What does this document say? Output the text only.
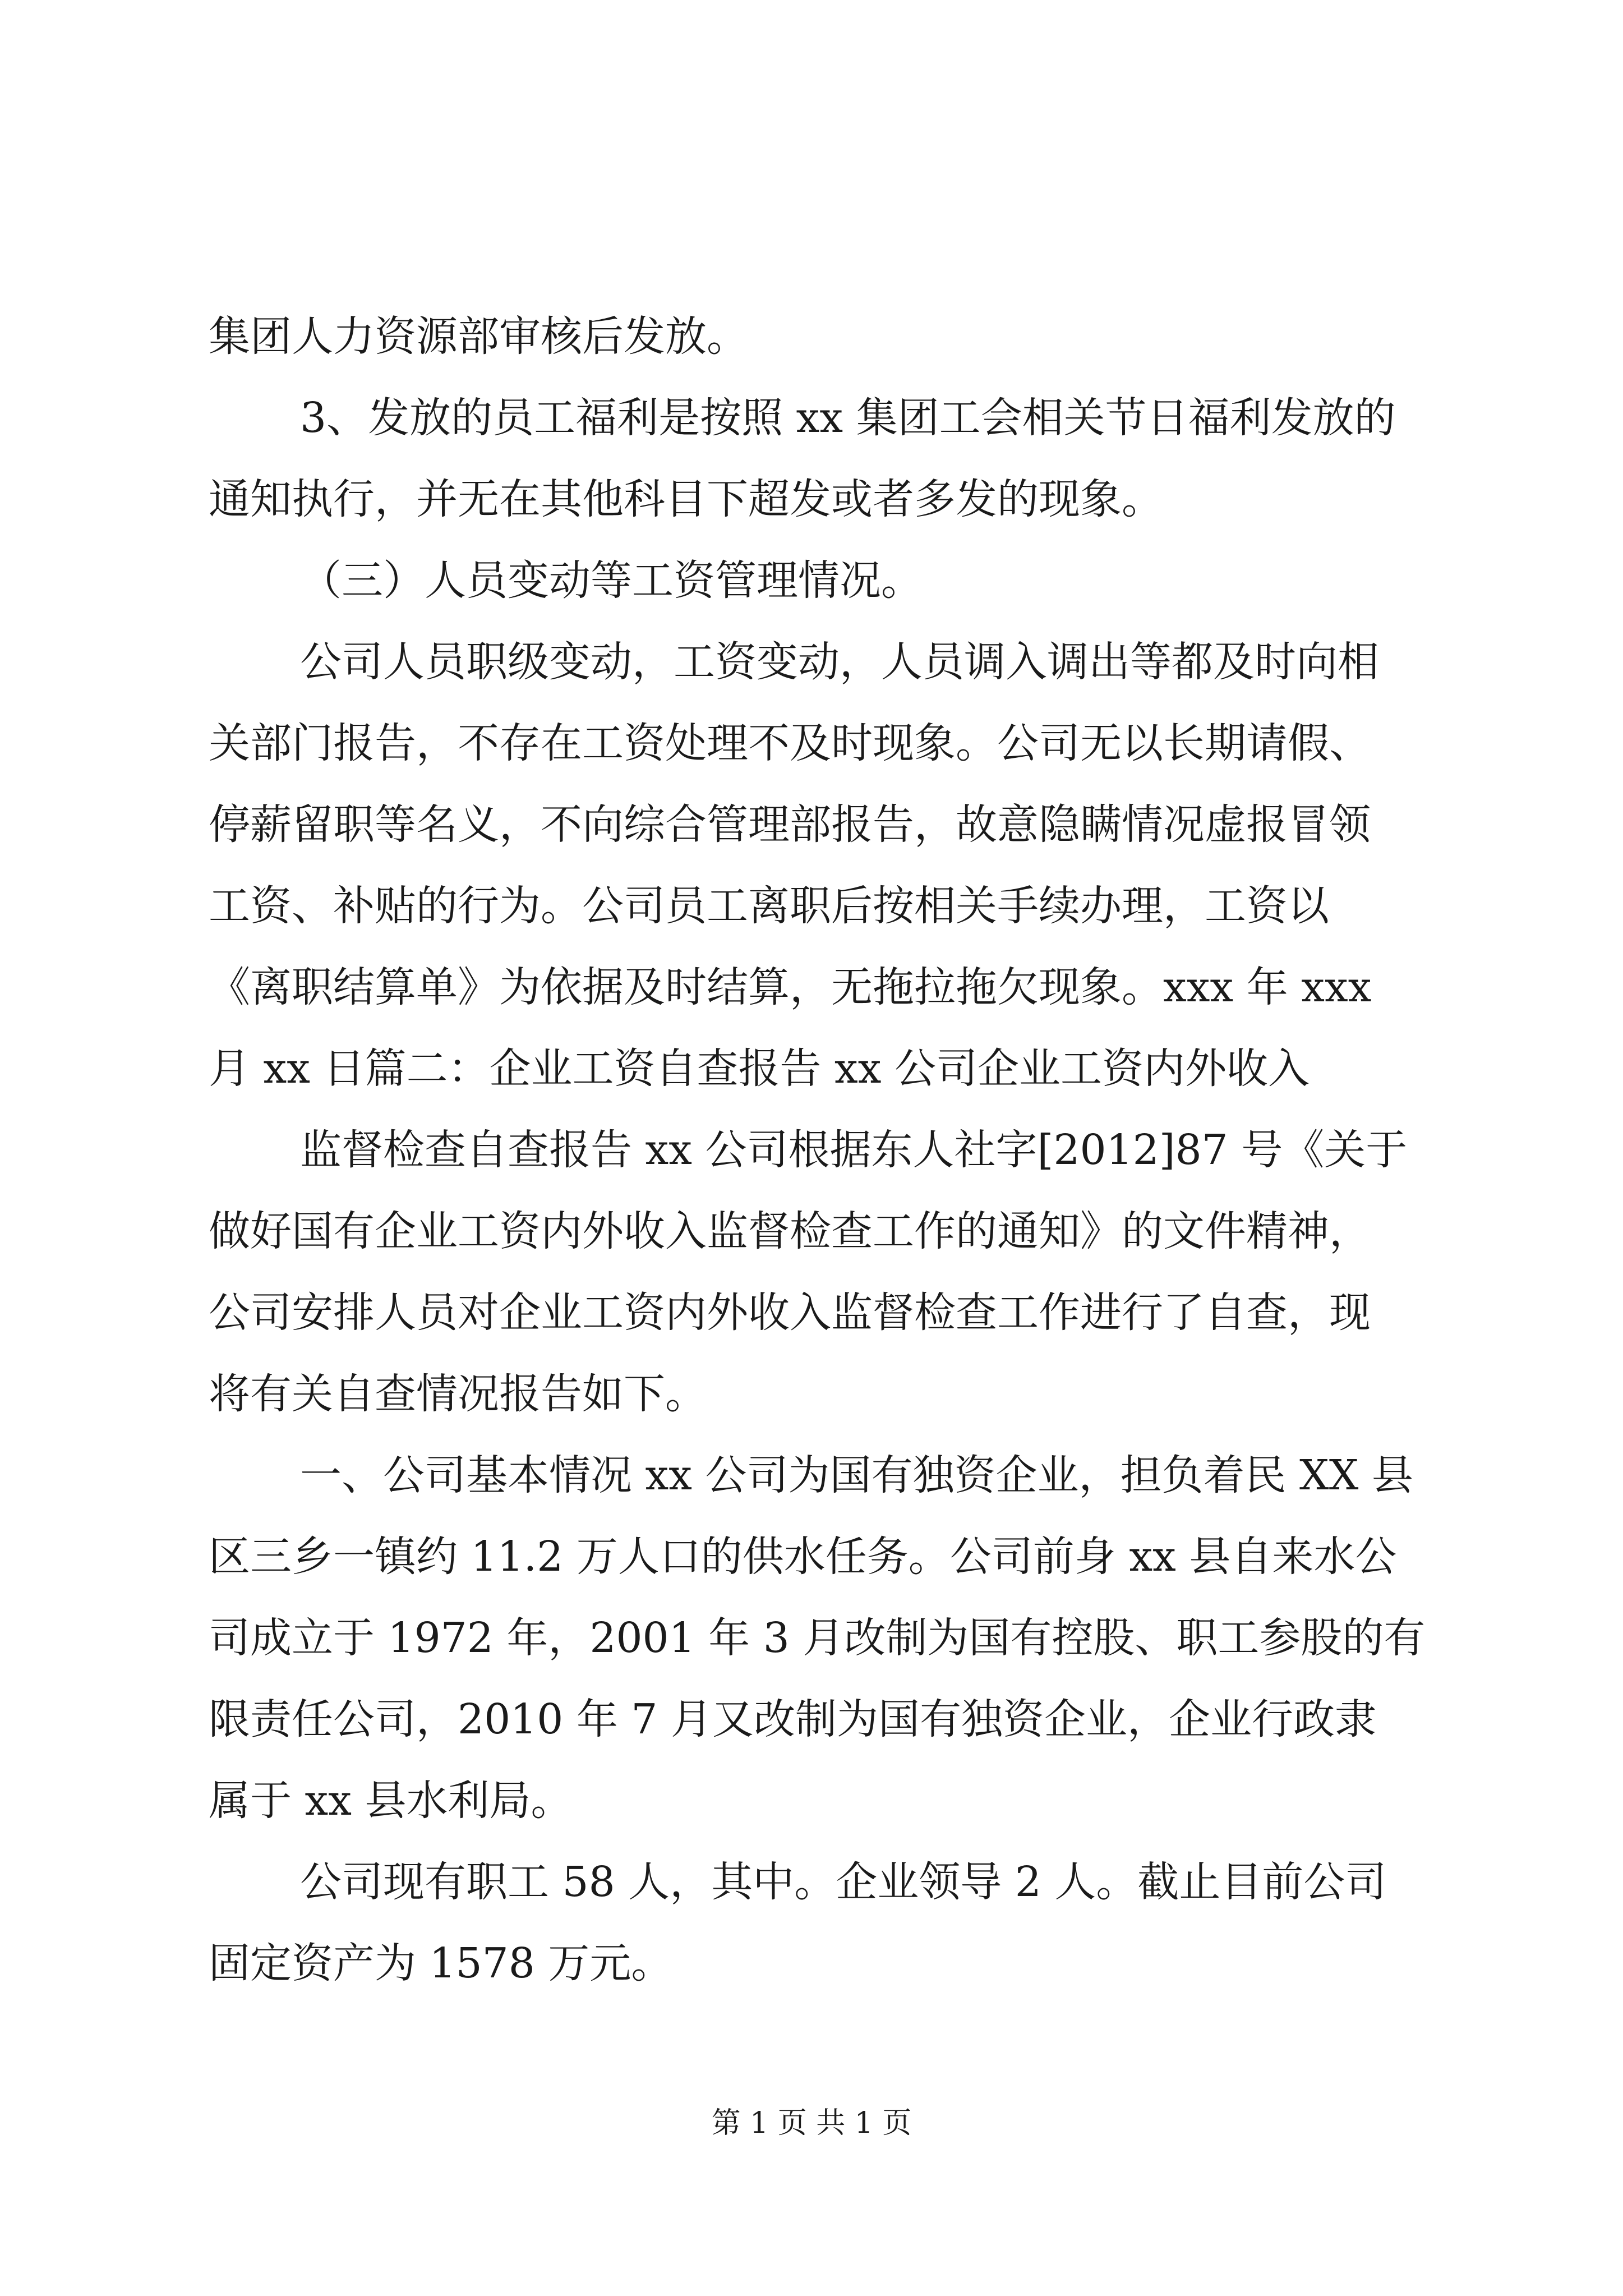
集团人力资源部审核后发放。
3、发放的员工福利是按照 xx 集团工会相关节日福利发放的
通知执行，并无在其他科目下超发或者多发的现象。
（三）人员变动等工资管理情况。
公司人员职级变动，工资变动，人员调入调出等都及时向相
关部门报告，不存在工资处理不及时现象。公司无以长期请假、
停薪留职等名义，不向综合管理部报告，故意隐瞒情况虚报冒领
工资、补贴的行为。公司员工离职后按相关手续办理，工资以
《离职结算单》为依据及时结算，无拖拉拖欠现象。xxx 年 xxx
月 xx 日篇二：企业工资自查报告 xx 公司企业工资内外收入
监督检查自查报告 xx 公司根据东人社字[2012]87 号《关于
做好国有企业工资内外收入监督检查工作的通知》的文件精神，
公司安排人员对企业工资内外收入监督检查工作进行了自查，现
将有关自查情况报告如下。
一、公司基本情况 xx 公司为国有独资企业，担负着民 XX 县
区三乡一镇约 11.2 万人口的供水任务。公司前身 xx 县自来水公
司成立于 1972 年，2001 年 3 月改制为国有控股、职工参股的有
限责任公司，2010 年 7 月又改制为国有独资企业，企业行政隶
属于 xx 县水利局。
公司现有职工 58 人，其中。企业领导 2 人。截止目前公司
固定资产为 1578 万元。
第 1 页 共 1 页
